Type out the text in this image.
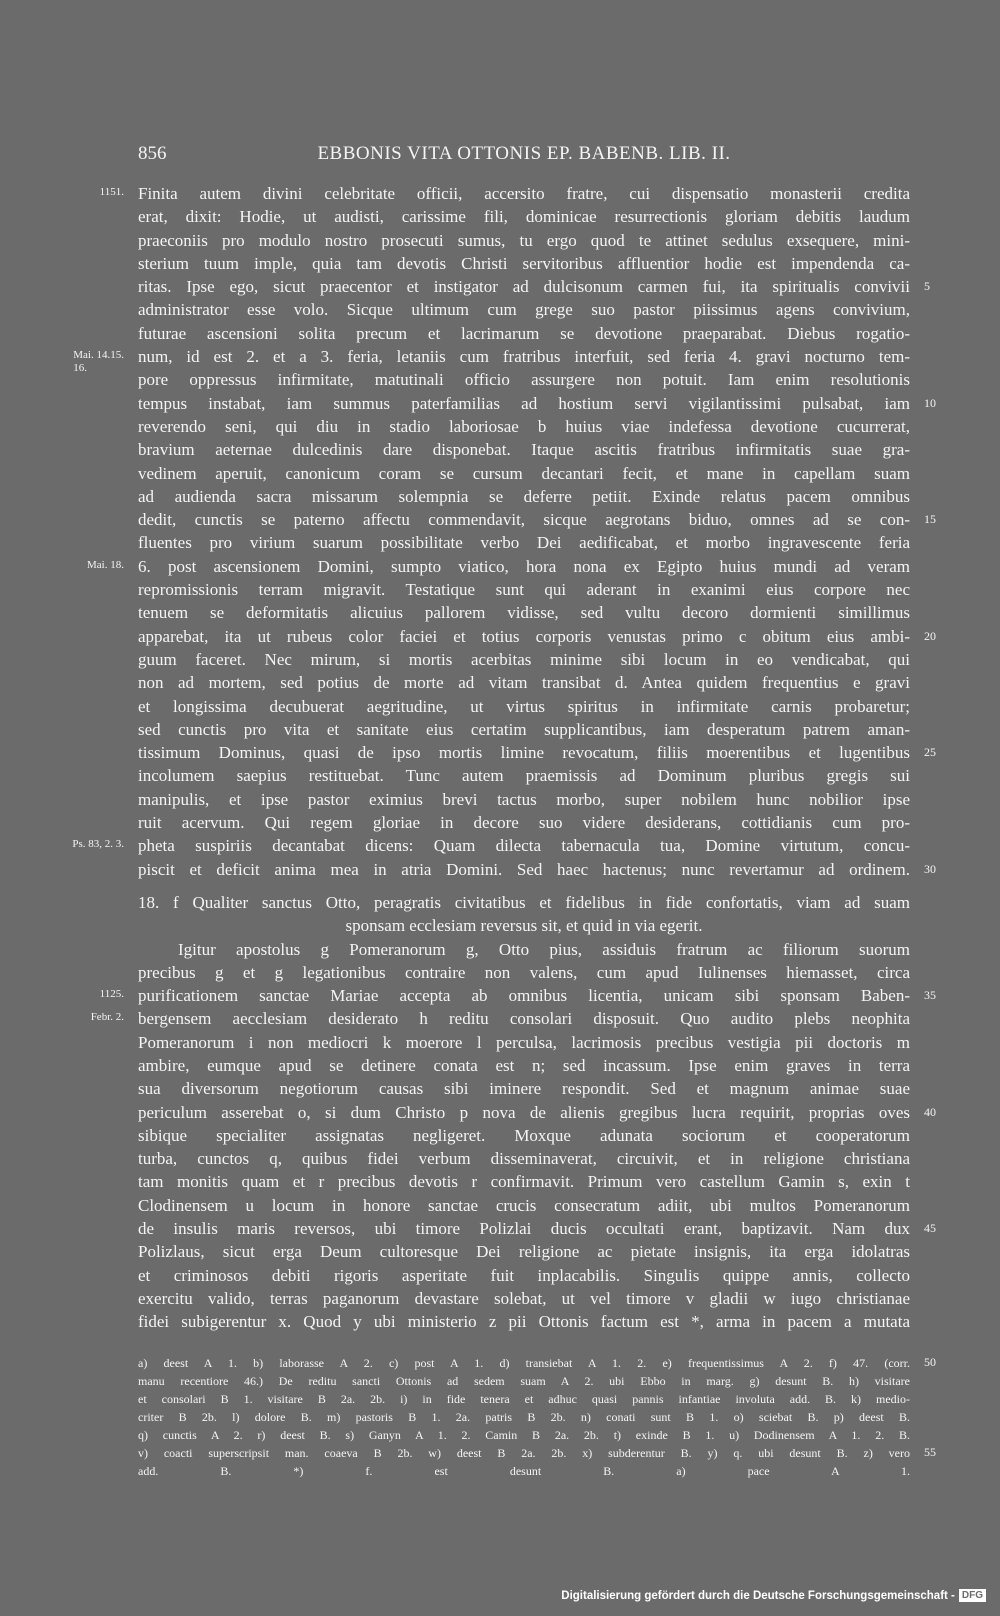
856	EBBONIS VITA OTTONIS EP. BABENB. LIB. II.
Finita autem divini celebritate officii, accersito fratre, cui dispensatio monasterii credita
1151.
erat, dixit: Hodie, ut audisti, carissime fili, dominicae resurrectionis gloriam debitis laudum
praeconiis pro modulo nostro prosecuti sumus, tu ergo quod te attinet sedulus exsequere, mini-
sterium tuum imple, quia tam devotis Christi servitoribus affluentior hodie est impendenda ca-
ritas. Ipse ego, sicut praecentor et instigator ad dulcisonum carmen fui, ita spiritualis convivii 5
administrator esse volo. Sicque ultimum cum grege suo pastor piissimus agens convivium,
futurae ascensioni solita precum et lacrimarum se devotione praeparabat. Diebus rogatio-
num, id est 2. et a 3. feria, letaniis cum fratribus interfuit, sed feria 4. gravi nocturno tem-
Mai. 14.15.
16.
pore oppressus infirmitate, matutinali officio assurgere non potuit. Iam enim resolutionis
tempus instabat, iam summus paterfamilias ad hostium servi vigilantissimi pulsabat, iam 10
reverendo seni, qui diu in stadio laboriosae b huius viae indefessa devotione cucurrerat,
bravium aeternae dulcedinis dare disponebat. Itaque ascitis fratribus infirmitatis suae gra-
vedinem aperuit, canonicum coram se cursum decantari fecit, et mane in capellam suam
ad audienda sacra missarum solempnia se deferre petiit. Exinde relatus pacem omnibus
dedit, cunctis se paterno affectu commendavit, sicque aegrotans biduo, omnes ad se con- 15
fluentes pro virium suarum possibilitate verbo Dei aedificabat, et morbo ingravescente feria
6. post ascensionem Domini, sumpto viatico, hora nona ex Egipto huius mundi ad veram
Mai. 18.
repromissionis terram migravit. Testatique sunt qui aderant in exanimi eius corpore nec
tenuem se deformitatis alicuius pallorem vidisse, sed vultu decoro dormienti simillimus
apparebat, ita ut rubeus color faciei et totius corporis venustas primo c obitum eius ambi- 20
guum faceret. Nec mirum, si mortis acerbitas minime sibi locum in eo vendicabat, qui
non ad mortem, sed potius de morte ad vitam transibat d. Antea quidem frequentius e gravi
et longissima decubuerat aegritudine, ut virtus spiritus in infirmitate carnis probaretur;
sed cunctis pro vita et sanitate eius certatim supplicantibus, iam desperatum patrem aman-
tissimum Dominus, quasi de ipso mortis limine revocatum, filiis moerentibus et lugentibus 25
incolumem saepius restituebat. Tunc autem praemissis ad Dominum pluribus gregis sui
manipulis, et ipse pastor eximius brevi tactus morbo, super nobilem hunc nobilior ipse
ruit acervum. Qui regem gloriae in decore suo videre desiderans, cottidianis cum pro-
pheta suspiriis decantabat dicens: Quam dilecta tabernacula tua, Domine virtutum, concu-
Ps. 83, 2. 3.
piscit et deficit anima mea in atria Domini. Sed haec hactenus; nunc revertamur ad ordinem. 30
18. f Qualiter sanctus Otto, peragratis civitatibus et fidelibus in fide confortatis, viam ad suam
sponsam ecclesiam reversus sit, et quid in via egerit.
Igitur apostolus g Pomeranorum g, Otto pius, assiduis fratrum ac filiorum suorum
precibus g et g legationibus contraire non valens, cum apud Iulinenses hiemasset, circa
purificationem sanctae Mariae accepta ab omnibus licentia, unicam sibi sponsam Baben-
1125.	35
bergensem aecclesiam desiderato h reditu consolari disposuit. Quo audito plebs neophita
Febr. 2.
Pomeranorum i non mediocri k moerore l perculsa, lacrimosis precibus vestigia pii doctoris m
ambire, eumque apud se detinere conata est n; sed incassum. Ipse enim graves in terra
sua diversorum negotiorum causas sibi iminere respondit. Sed et magnum animae suae
periculum asserebat o, si dum Christo p nova de alienis gregibus lucra requirit, proprias oves 40
sibique specialiter assignatas negligeret. Moxque adunata sociorum et cooperatorum
turba, cunctos q, quibus fidei verbum disseminaverat, circuivit, et in religione christiana
tam monitis quam et r precibus devotis r confirmavit. Primum vero castellum Gamin s, exin t
Clodinensem u locum in honore sanctae crucis consecratum adiit, ubi multos Pomeranorum
de insulis maris reversos, ubi timore Polizlai ducis occultati erant, baptizavit. Nam dux 45
Polizlaus, sicut erga Deum cultoresque Dei religione ac pietate insignis, ita erga idolatras
et criminosos debiti rigoris asperitate fuit inplacabilis. Singulis quippe annis, collecto
exercitu valido, terras paganorum devastare solebat, ut vel timore v gladii w iugo christianae
fidei subigerentur x. Quod y ubi ministerio z pii Ottonis factum est *, arma in pacem a mutata
a) deest A 1. b) laborasse A 2. c) post A 1. d) transiebat A 1. 2. e) frequentissimus A 2. f) 47. (corr. 50
manu recentiore 46.) De reditu sancti Ottonis ad sedem suam A 2. ubi Ebbo in marg. g) desunt B. h) visitare
et consolari B 1. visitare B 2a. 2b. i) in fide tenera et adhuc quasi pannis infantiae involuta add. B. k) medio-
criter B 2b. l) dolore B. m) pastoris B 1. 2a. patris B 2b. n) conati sunt B 1. o) sciebat B. p) deest B.
q) cunctis A 2. r) deest B. s) Ganyn A 1. 2. Camin B 2a. 2b. t) exinde B 1. u) Dodinensem A 1. 2. B.
v) coacti superscripsit man. coaeva B 2b. w) deest B 2a. 2b. x) subderentur B. y) q. ubi desunt B. z) vero 55
add. B. *) f. est desunt B. a) pace A 1.
Digitalisierung gefördert durch die Deutsche Forschungsgemeinschaft - DFG
